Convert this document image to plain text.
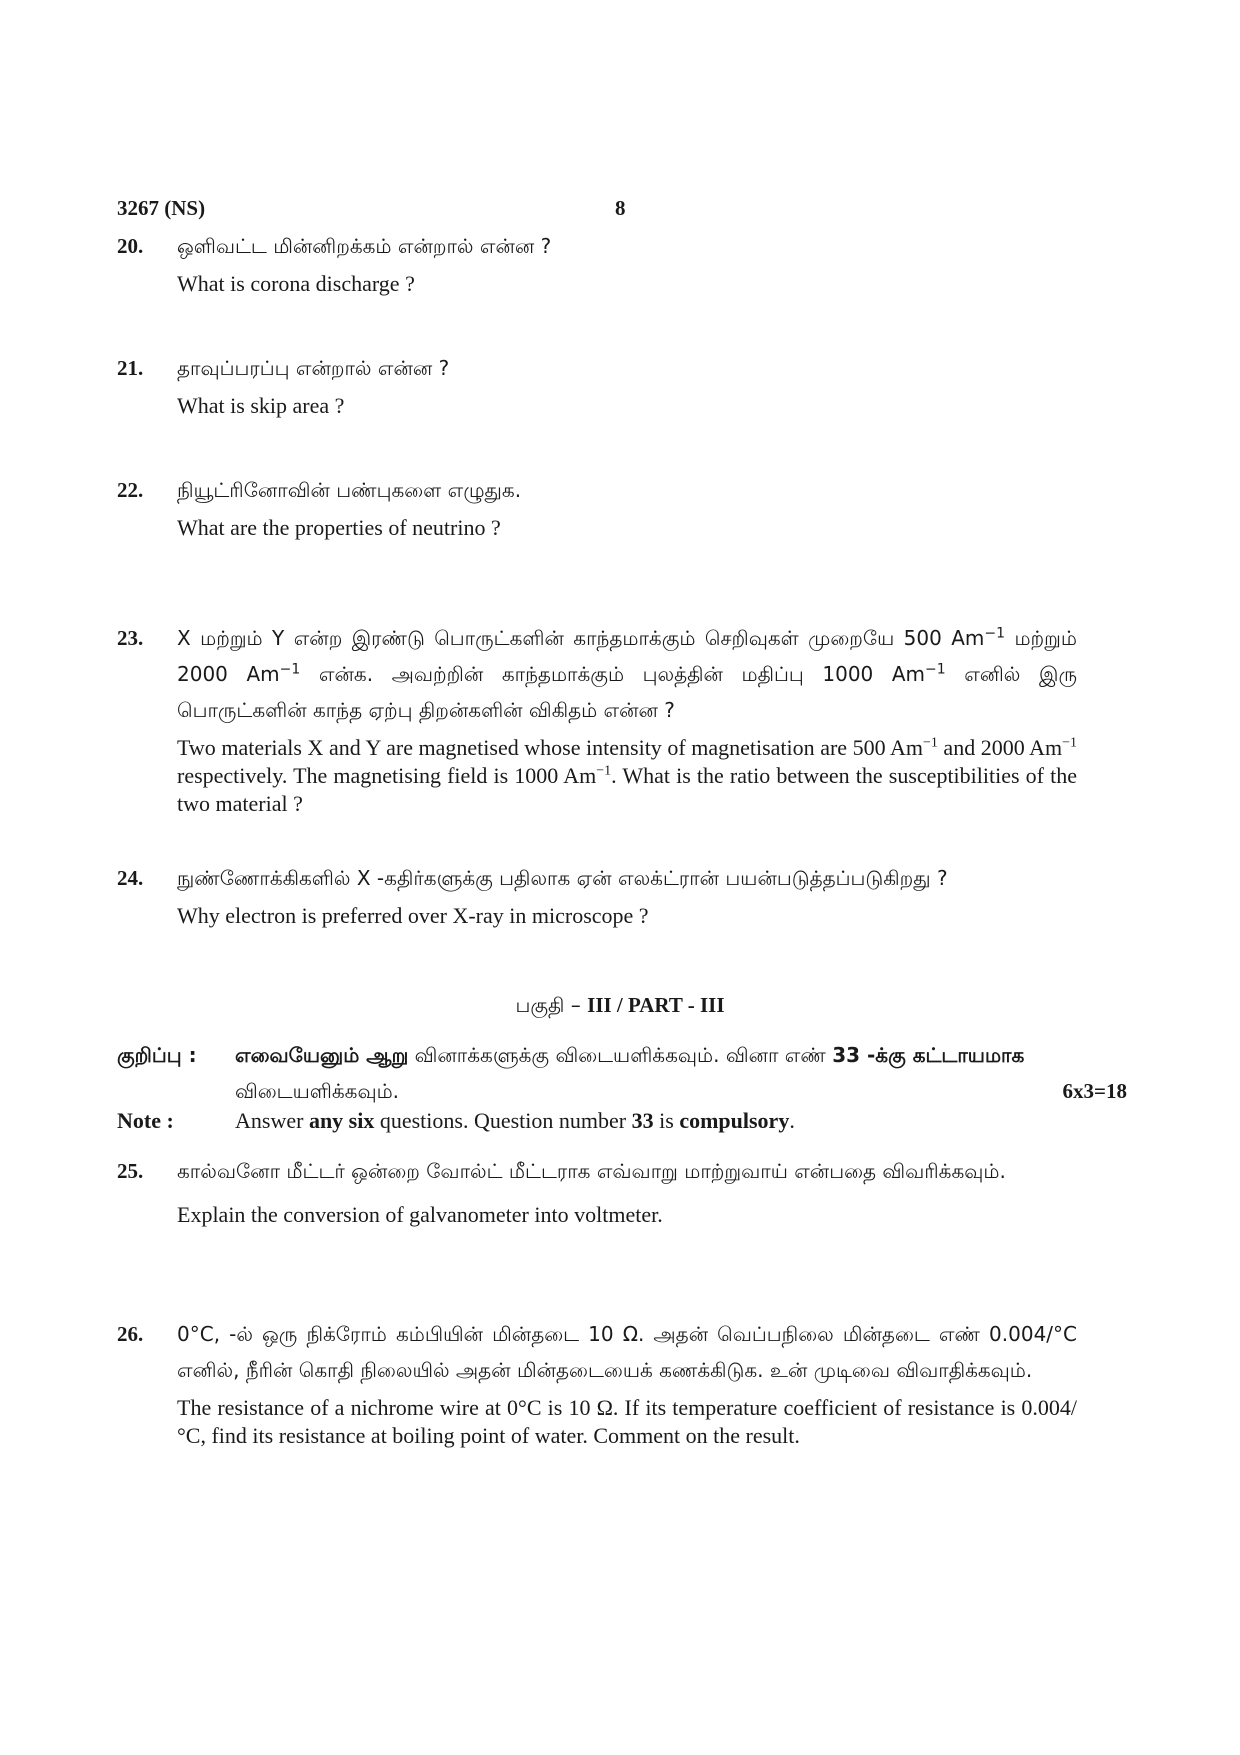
3267 (NS)	8
20. ஒளிவட்ட மின்னிறக்கம் என்றால் என்ன ?
What is corona discharge ?
21. தாவுப்பரப்பு என்றால் என்ன ?
What is skip area ?
22. நியூட்ரினோவின் பண்புகளை எழுதுக.
What are the properties of neutrino ?
23. X மற்றும் Y என்ற இரண்டு பொருட்களின் காந்தமாக்கும் செறிவுகள் முறையே 500 $Am^{-1}$ மற்றும் 2000 $Am^{-1}$ என்க. அவற்றின் காந்தமாக்கும் புலத்தின் மதிப்பு 1000 $Am^{-1}$ எனில் இரு பொருட்களின் காந்த ஏற்பு திறன்களின் விகிதம் என்ன ?
Two materials X and Y are magnetised whose intensity of magnetisation are 500 $Am^{-1}$ and 2000 $Am^{-1}$ respectively. The magnetising field is 1000 $Am^{-1}$. What is the ratio between the susceptibilities of the two material ?
24. நுண்ணோக்கிகளில் X -கதிர்களுக்கு பதிலாக ஏன் எலக்ட்ரான் பயன்படுத்தப்படுகிறது ?
Why electron is preferred over X-ray in microscope ?
பகுதி – III / PART - III
குறிப்பு : எவையேனும் ஆறு வினாக்களுக்கு விடையளிக்கவும். வினா எண் 33 -க்கு கட்டாயமாக விடையளிக்கவும்.	6x3=18
Note :	Answer any six questions. Question number 33 is compulsory.
25. கால்வனோ மீட்டர் ஒன்றை வோல்ட் மீட்டராக எவ்வாறு மாற்றுவாய் என்பதை விவரிக்கவும்.
Explain the conversion of galvanometer into voltmeter.
26. 0°C, -ல் ஒரு நிக்ரோம் கம்பியின் மின்தடை 10 Ω. அதன் வெப்பநிலை மின்தடை எண் 0.004/°C எனில், நீரின் கொதி நிலையில் அதன் மின்தடையைக் கணக்கிடுக. உன் முடிவை விவாதிக்கவும்.
The resistance of a nichrome wire at 0°C is 10 Ω. If its temperature coefficient of resistance is 0.004/°C, find its resistance at boiling point of water. Comment on the result.
